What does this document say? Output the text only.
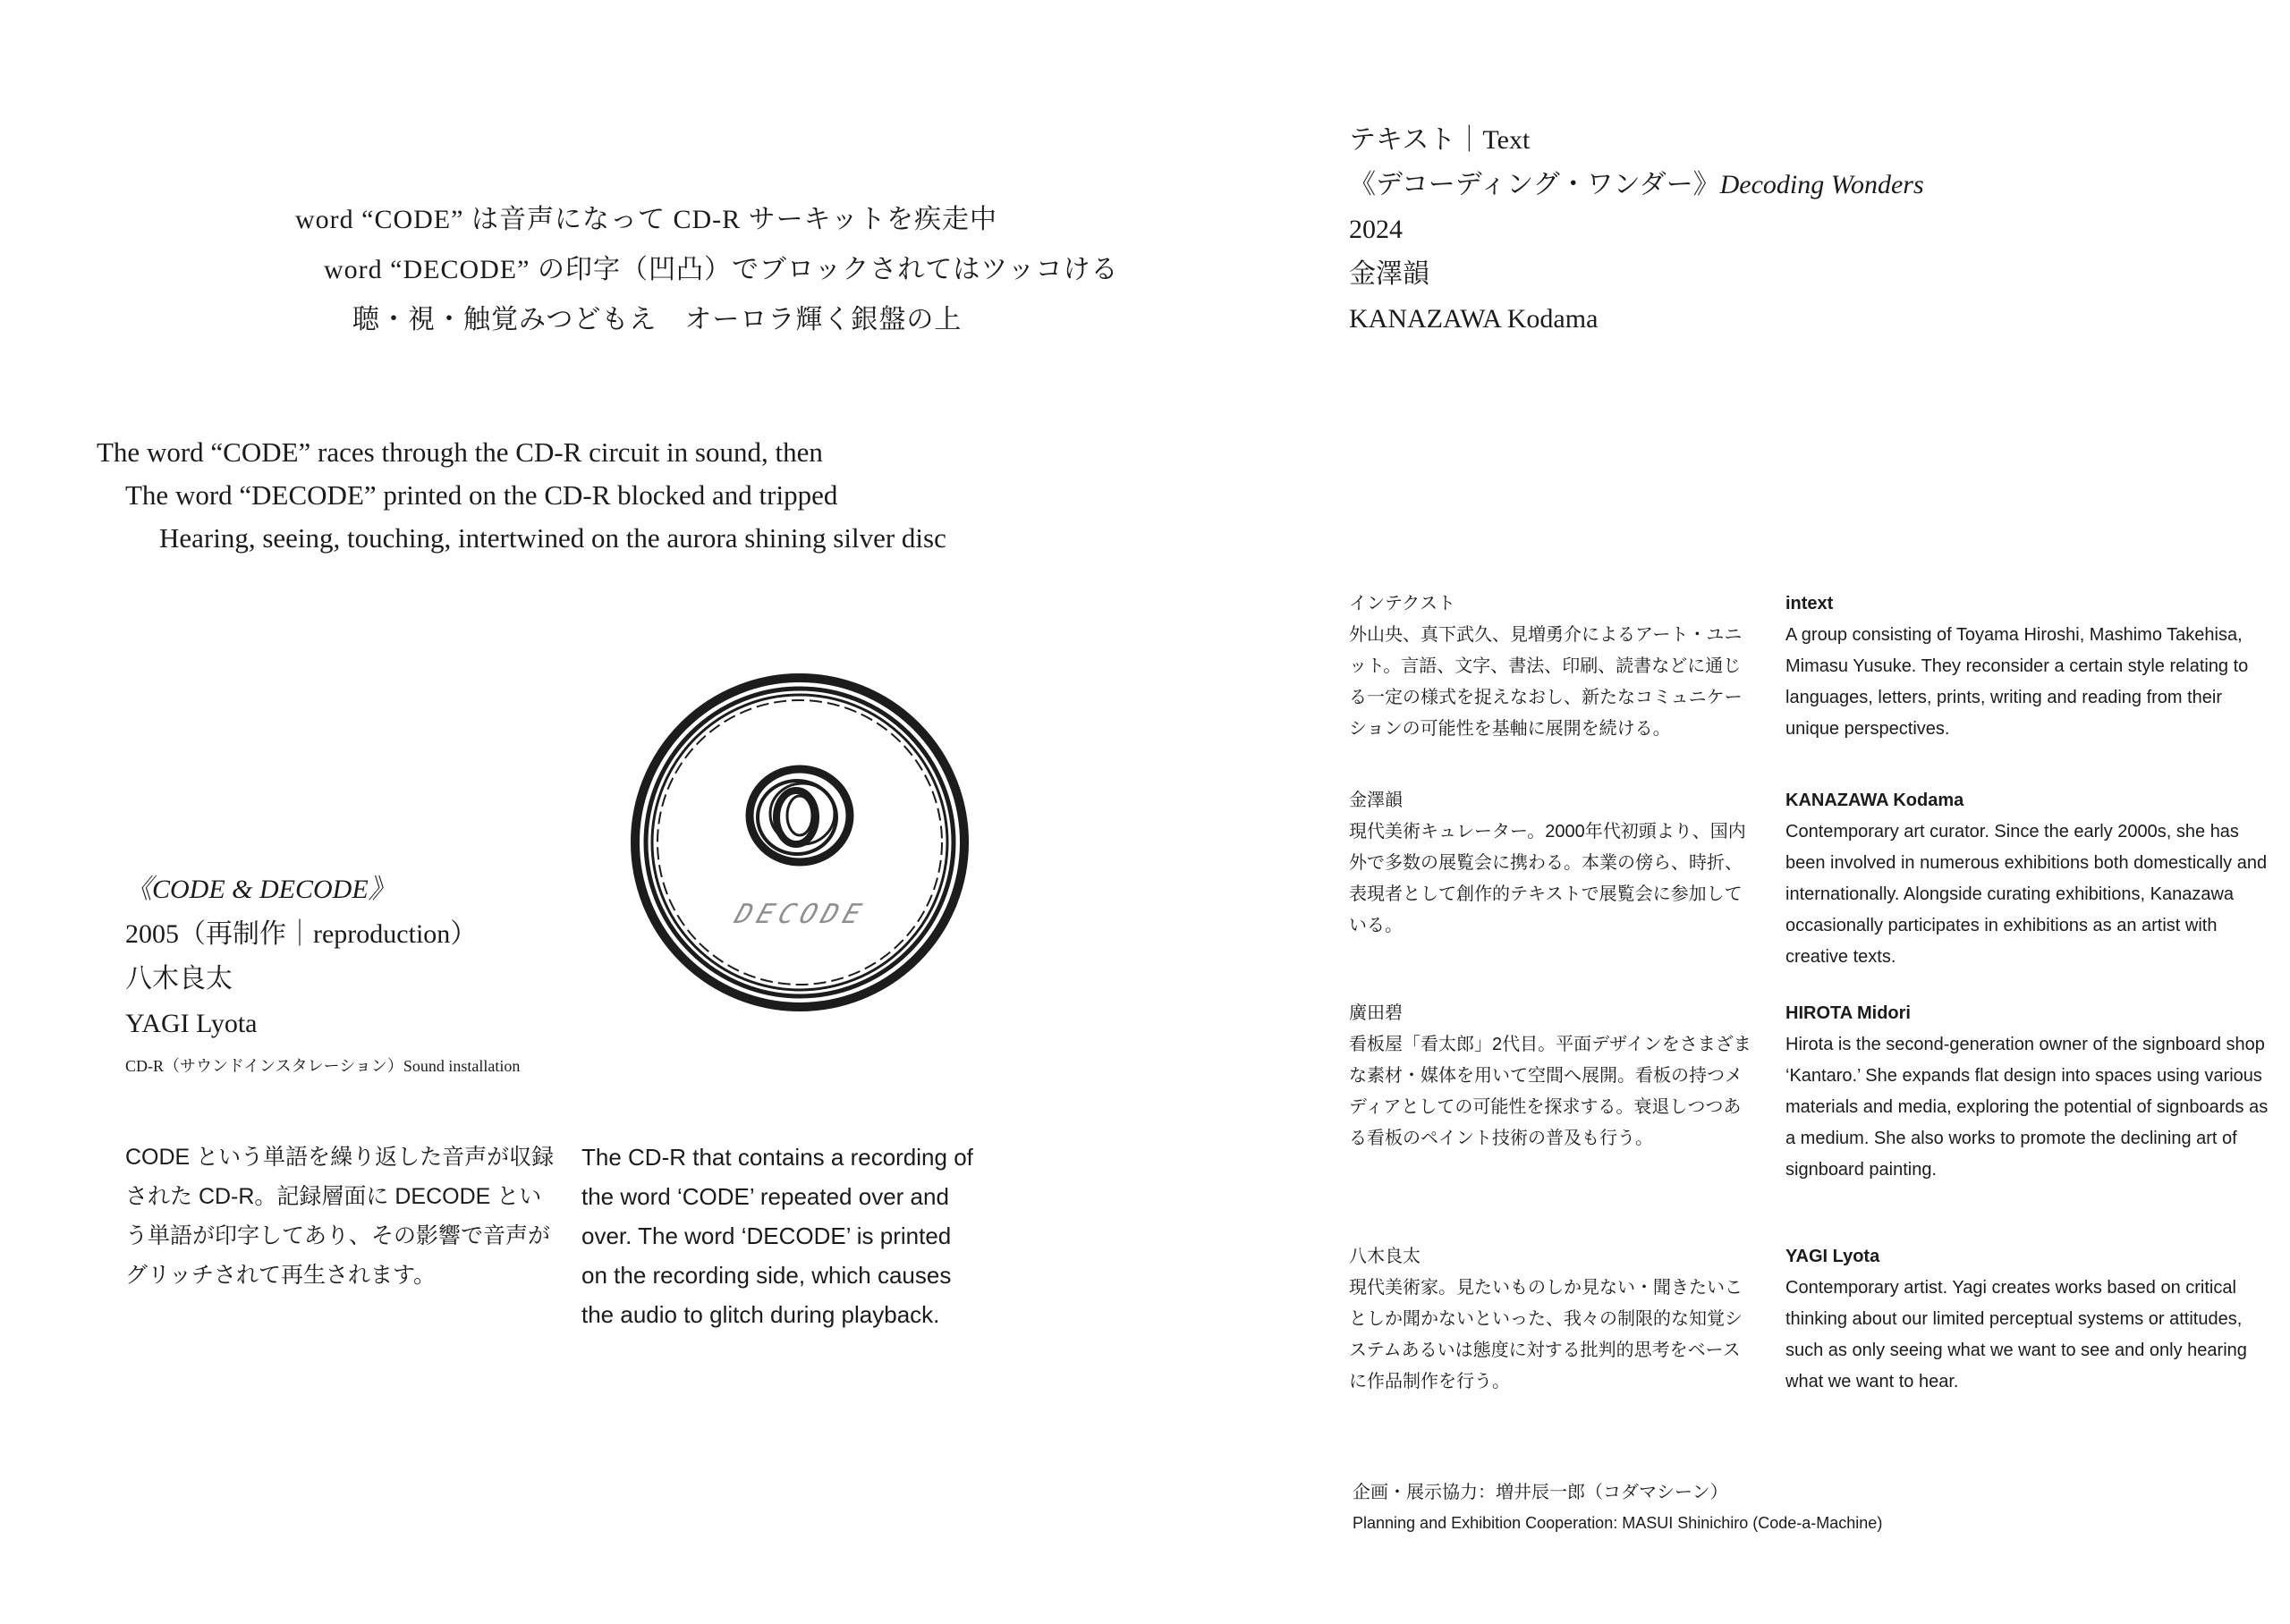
word “CODE” は音声になって CD-R サーキットを疾走中
word “DECODE” の印字（凹凸）でブロックされてはツッコける
聴・視・触覚みつどもえ　オーロラ輝く銀盤の上
The word “CODE” races through the CD-R circuit in sound, then
The word “DECODE” printed on the CD-R blocked and tripped
Hearing, seeing, touching, intertwined on the aurora shining silver disc
DECODE
《CODE & DECODE》
2005（再制作｜reproduction）
八木良太
YAGI Lyota
CD-R（サウンドインスタレーション）Sound installation
CODE という単語を繰り返した音声が収録された CD-R。記録層面に DECODE という単語が印字してあり、その影響で音声がグリッチされて再生されます。
The CD-R that contains a recording of the word ‘CODE’ repeated over and over. The word ‘DECODE’ is printed on the recording side, which causes the audio to glitch during playback.
テキスト｜Text
《デコーディング・ワンダー》Decoding Wonders
2024
金澤韻
KANAZAWA Kodama
インテクスト
外山央、真下武久、見増勇介によるアート・ユニット。言語、文字、書法、印刷、読書などに通じる一定の様式を捉えなおし、新たなコミュニケーションの可能性を基軸に展開を続ける。
intext
A group consisting of Toyama Hiroshi, Mashimo Takehisa, Mimasu Yusuke. They reconsider a certain style relating to languages, letters, prints, writing and reading from their unique perspectives.
金澤韻
現代美術キュレーター。2000年代初頭より、国内外で多数の展覧会に携わる。本業の傍ら、時折、表現者として創作的テキストで展覧会に参加している。
KANAZAWA Kodama
Contemporary art curator. Since the early 2000s, she has been involved in numerous exhibitions both domestically and internationally. Alongside curating exhibitions, Kanazawa occasionally participates in exhibitions as an artist with creative texts.
廣田碧
看板屋「看太郎」2代目。平面デザインをさまざまな素材・媒体を用いて空間へ展開。看板の持つメディアとしての可能性を探求する。衰退しつつある看板のペイント技術の普及も行う。
HIROTA Midori
Hirota is the second-generation owner of the signboard shop ‘Kantaro.’ She expands flat design into spaces using various materials and media, exploring the potential of signboards as a medium. She also works to promote the declining art of signboard painting.
八木良太
現代美術家。見たいものしか見ない・聞きたいことしか聞かないといった、我々の制限的な知覚システムあるいは態度に対する批判的思考をベースに作品制作を行う。
YAGI Lyota
Contemporary artist. Yagi creates works based on critical thinking about our limited perceptual systems or attitudes, such as only seeing what we want to see and only hearing what we want to hear.
企画・展示協力：増井辰一郎（コダマシーン）
Planning and Exhibition Cooperation: MASUI Shinichiro (Code-a-Machine)
